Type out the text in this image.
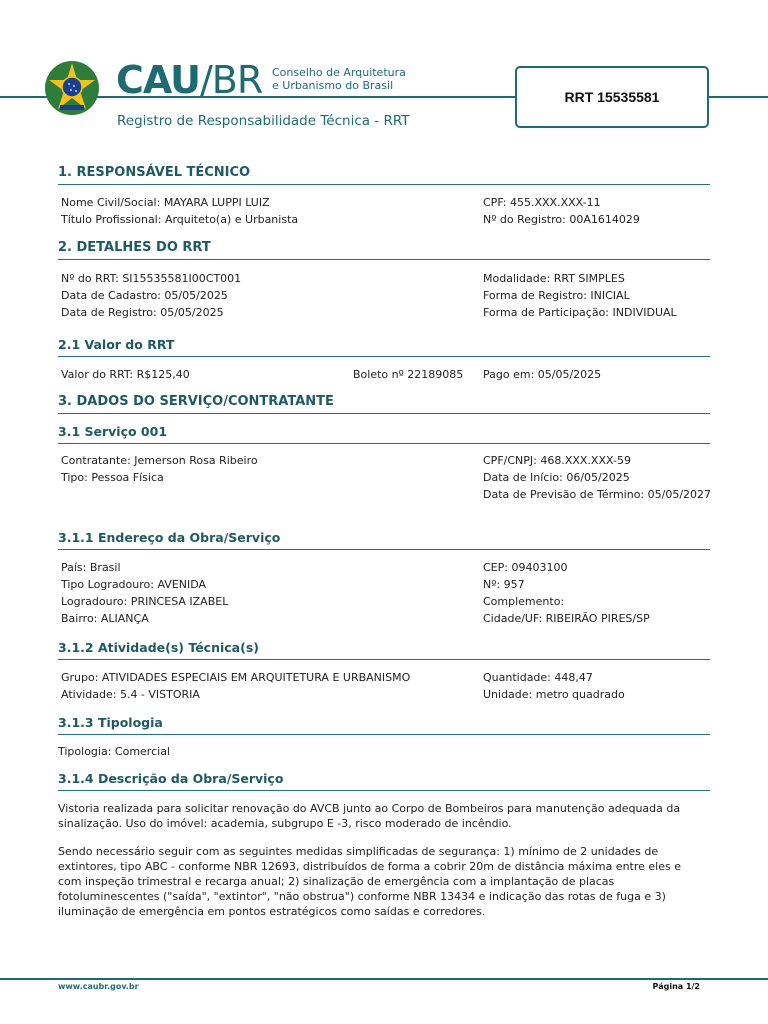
CAU/BR Conselho de Arquitetura
e Urbanismo do Brasil
Registro de Responsabilidade Técnica - RRT
RRT 15535581
1. RESPONSÁVEL TÉCNICO
Nome Civil/Social: MAYARA LUPPI LUIZ
Título Profissional: Arquiteto(a) e Urbanista
CPF: 455.XXX.XXX-11
Nº do Registro: 00A1614029
2. DETALHES DO RRT
Nº do RRT: SI15535581I00CT001
Data de Cadastro: 05/05/2025
Data de Registro: 05/05/2025
Modalidade: RRT SIMPLES
Forma de Registro: INICIAL
Forma de Participação: INDIVIDUAL
2.1 Valor do RRT
Valor do RRT: R$125,40	Boleto nº 22189085 Pago em: 05/05/2025
3. DADOS DO SERVIÇO/CONTRATANTE
3.1 Serviço 001
Contratante: Jemerson Rosa Ribeiro
Tipo: Pessoa Física
CPF/CNPJ: 468.XXX.XXX-59
Data de Início: 06/05/2025
Data de Previsão de Término: 05/05/2027
3.1.1 Endereço da Obra/Serviço
País: Brasil
Tipo Logradouro: AVENIDA
Logradouro: PRINCESA IZABEL
Bairro: ALIANÇA
CEP: 09403100
Nº: 957
Complemento:
Cidade/UF: RIBEIRÃO PIRES/SP
3.1.2 Atividade(s) Técnica(s)
Grupo: ATIVIDADES ESPECIAIS EM ARQUITETURA E URBANISMO
Atividade: 5.4 - VISTORIA
Quantidade: 448,47
Unidade: metro quadrado
3.1.3 Tipologia
Tipologia: Comercial
3.1.4 Descrição da Obra/Serviço
Vistoria realizada para solicitar renovação do AVCB junto ao Corpo de Bombeiros para manutenção adequada da sinalização. Uso do imóvel: academia, subgrupo E -3, risco moderado de incêndio.
Sendo necessário seguir com as seguintes medidas simplificadas de segurança: 1) mínimo de 2 unidades de extintores, tipo ABC - conforme NBR 12693, distribuídos de forma a cobrir 20m de distância máxima entre eles e com inspeção trimestral e recarga anual; 2) sinalização de emergência com a implantação de placas fotoluminescentes ("saída", "extintor", "não obstrua") conforme NBR 13434 e indicação das rotas de fuga e 3) iluminação de emergência em pontos estratégicos como saídas e corredores.
www.caubr.gov.br	Página 1/2
